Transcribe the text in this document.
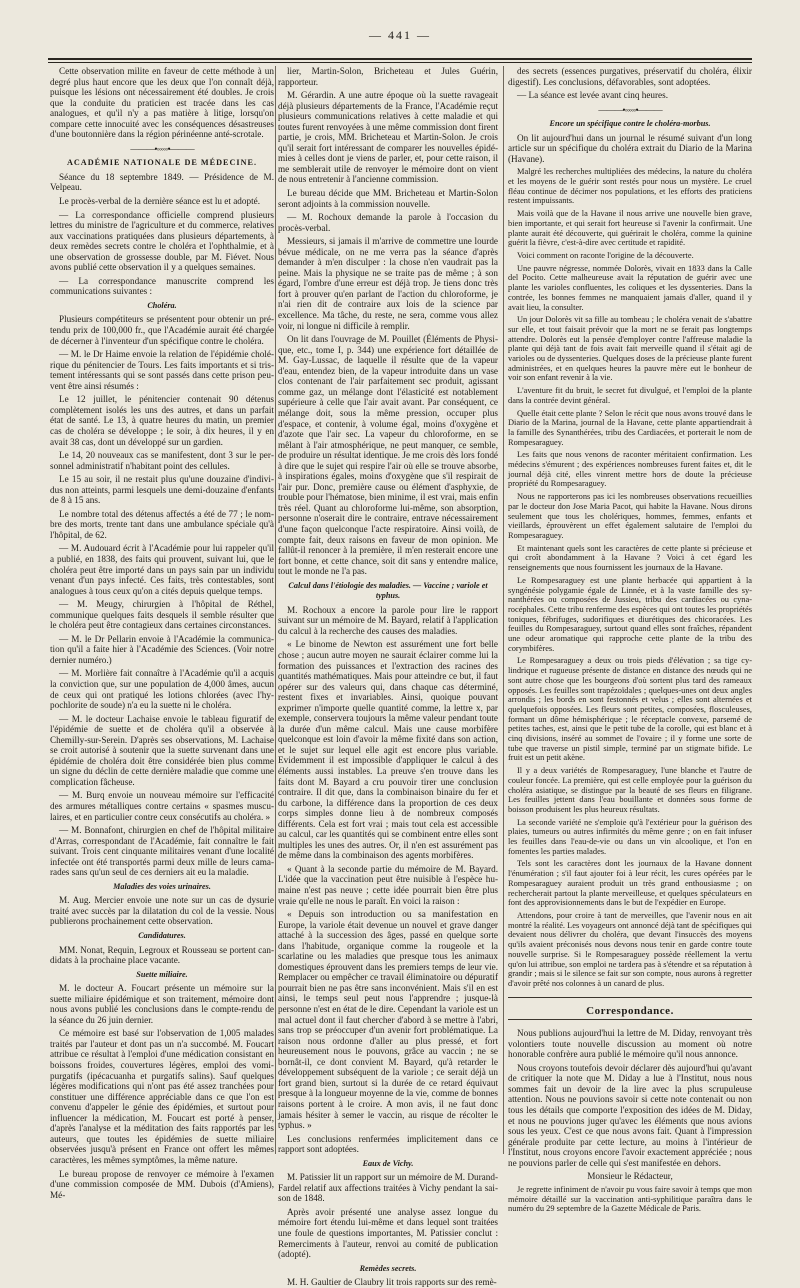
— 441 —

Cette observation milite en faveur de cette méthode à un degré plus haut encore que les deux que l'on connaît déjà, puisque les lésions ont nécessairement été doubles. Je crois que la conduite du praticien est tracée dans les cas analogues, et qu'il n'y a pas matière à litige, lorsqu'on compare cette innocuité avec les conséquences désastreuses d'une boutonnière dans la région périnéenne anté-scrotale.

———•◦◦◦◦◦•———
ACADÉMIE NATIONALE DE MÉDECINE.

Séance du 18 septembre 1849. — Présidence de M. Velpeau.

Le procès-verbal de la dernière séance est lu et adopté.

— La correspondance officielle comprend plusieurs lettres du ministre de l'agriculture et du commerce, relatives aux vaccinations pratiquées dans plusieurs départements, à deux remèdes secrets contre le choléra et l'ophthalmie, et à une observation de grossesse double, par M. Fiévet. Nous avons publié cette observation il y a quelques semaines.

— La correspondance manuscrite comprend les communications suivantes :

Choléra.

Plusieurs compétiteurs se présentent pour obtenir un prétendu prix de 100,000 fr., que l'Académie aurait été chargée de décerner à l'inventeur d'un spécifique contre le choléra.

— M. le Dr Haime envoie la relation de l'épidémie cholérique du pénitencier de Tours. Les faits importants et si tristement intéressants qui se sont passés dans cette prison peuvent être ainsi résumés :

Le 12 juillet, le pénitencier contenait 90 détenus complètement isolés les uns des autres, et dans un parfait état de santé. Le 13, à quatre heures du matin, un premier cas de choléra se développe ; le soir, à dix heures, il y en avait 38 cas, dont un développé sur un gardien.

Le 14, 20 nouveaux cas se manifestent, dont 3 sur le personnel administratif n'habitant point des cellules.

Le 15 au soir, il ne restait plus qu'une douzaine d'individus non atteints, parmi lesquels une demi-douzaine d'enfants de 8 à 15 ans.

Le nombre total des détenus affectés a été de 77 ; le nombre des morts, trente tant dans une ambulance spéciale qu'à l'hôpital, de 62.

— M. Audouard écrit à l'Académie pour lui rappeler qu'il a publié, en 1838, des faits qui prouvent, suivant lui, que le choléra peut être importé dans un pays sain par un individu venant d'un pays infecté. Ces faits, très contestables, sont analogues à tous ceux qu'on a cités depuis quelque temps.

— M. Meugy, chirurgien à l'hôpital de Réthel, communique quelques faits desquels il semble résulter que le choléra peut être contagieux dans certaines circonstances.

— M. le Dr Pellarin envoie à l'Académie la communication qu'il a faite hier à l'Académie des Sciences. (Voir notre dernier numéro.)

— M. Morlière fait connaître à l'Académie qu'il a acquis la conviction que, sur une population de 4,000 âmes, aucun de ceux qui ont pratiqué les lotions chlorées (avec l'hypochlorite de soude) n'a eu la suette ni le choléra.

— M. le docteur Lachaise envoie le tableau figuratif de l'épidémie de suette et de choléra qu'il a observée à Chemilly-sur-Serein. D'après ses observations, M. Lachaise se croit autorisé à soutenir que la suette survenant dans une épidémie de choléra doit être considérée bien plus comme un signe du déclin de cette dernière maladie que comme une complication fâcheuse.

— M. Burq envoie un nouveau mémoire sur l'efficacité des armures métalliques contre certains « spasmes musculaires, et en particulier contre ceux consécutifs au choléra. »

— M. Bonnafont, chirurgien en chef de l'hôpital militaire d'Arras, correspondant de l'Académie, fait connaître le fait suivant. Trois cent cinquante militaires venant d'une localité infectée ont été transportés parmi deux mille de leurs camarades sans qu'un seul de ces derniers ait eu la maladie.

Maladies des voies urinaires.

M. Aug. Mercier envoie une note sur un cas de dysurie traité avec succès par la dilatation du col de la vessie. Nous publierons prochainement cette observation.

Candidatures.

MM. Nonat, Requin, Legroux et Rousseau se portent candidats à la prochaine place vacante.

Suette miliaire.

M. le docteur A. Foucart présente un mémoire sur la suette miliaire épidémique et son traitement, mémoire dont nous avons publié les conclusions dans le compte-rendu de la séance du 26 juin dernier.

Ce mémoire est basé sur l'observation de 1,005 malades traités par l'auteur et dont pas un n'a succombé. M. Foucart attribue ce résultat à l'emploi d'une médication consistant en boissons froides, couvertures légères, emploi des vomi-purgatifs (ipécacuanha et purgatifs salins). Sauf quelques légères modifications qui n'ont pas été assez tranchées pour constituer une différence appréciable dans ce que l'on est convenu d'appeler le génie des épidémies, et surtout pour influencer la médication, M. Foucart est porté à penser, d'après l'analyse et la méditation des faits rapportés par les auteurs, que toutes les épidémies de suette miliaire observées jusqu'à présent en France ont offert les mêmes caractères, les mêmes symptômes, la même nature.

Le bureau propose de renvoyer ce mémoire à l'examen d'une commission composée de MM. Dubois (d'Amiens), Mé-

lier, Martin-Solon, Bricheteau et Jules Guérin, rapporteur.

M. Gérardin. A une autre époque où la suette ravageait déjà plusieurs départements de la France, l'Académie reçut plusieurs communications relatives à cette maladie et qui toutes furent renvoyées à une même commission dont firent partie, je crois, MM. Bricheteau et Martin-Solon. Je crois qu'il serait fort intéressant de comparer les nouvelles épidémies à celles dont je viens de parler, et, pour cette raison, il me semblerait utile de renvoyer le mémoire dont on vient de nous entretenir à l'ancienne commission.

Le bureau décide que MM. Bricheteau et Martin-Solon seront adjoints à la commission nouvelle.

— M. Rochoux demande la parole à l'occasion du procès-verbal.

Messieurs, si jamais il m'arrive de commettre une lourde bévue médicale, on ne me verra pas la séance d'après demander à m'en disculper : la chose n'en vaudrait pas la peine. Mais la physique ne se traite pas de même ; à son égard, l'ombre d'une erreur est déjà trop. Je tiens donc très fort à prouver qu'en parlant de l'action du chloroforme, je n'ai rien dit de contraire aux lois de la science par excellence. Ma tâche, du reste, ne sera, comme vous allez voir, ni longue ni difficile à remplir.

On lit dans l'ouvrage de M. Pouillet (Éléments de Physique, etc., tome I, p. 344) une expérience fort détaillée de M. Gay-Lussac, de laquelle il résulte que de la vapeur d'eau, entendez bien, de la vapeur introduite dans un vase clos contenant de l'air parfaitement sec produit, agissant comme gaz, un mélange dont l'élasticité est notablement supérieure à celle que l'air avait avant. Par conséquent, ce mélange doit, sous la même pression, occuper plus d'espace, et contenir, à volume égal, moins d'oxygène et d'azote que l'air sec. La vapeur du chloroforme, en se mêlant à l'air atmosphérique, ne peut manquer, ce semble, de produire un résultat identique. Je me crois dès lors fondé à dire que le sujet qui respire l'air où elle se trouve absorbe, à inspirations égales, moins d'oxygène que s'il respirait de l'air pur. Donc, première cause ou élément d'asphyxie, de trouble pour l'hématose, bien minime, il est vrai, mais enfin très réel. Quant au chloroforme lui-même, son absorption, personne n'oserait dire le contraire, entrave nécessairement d'une façon quelconque l'acte respiratoire. Ainsi voilà, de compte fait, deux raisons en faveur de mon opinion. Me fallût-il renoncer à la première, il m'en resterait encore une fort bonne, et cette chance, soit dit sans y entendre malice, tout le monde ne l'a pas.

Calcul dans l'étiologie des maladies. — Vaccine ; variole et typhus.

M. Rochoux a encore la parole pour lire le rapport suivant sur un mémoire de M. Bayard, relatif à l'application du calcul à la recherche des causes des maladies.

« Le binome de Newton est assurément une fort belle chose ; aucun autre moyen ne saurait éclairer comme lui la formation des puissances et l'extraction des racines des quantités mathématiques. Mais pour atteindre ce but, il faut opérer sur des valeurs qui, dans chaque cas déterminé, restent fixes et invariables. Ainsi, quoique pouvant exprimer n'importe quelle quantité comme, la lettre x, par exemple, conservera toujours la même valeur pendant toute la durée d'un même calcul. Mais une cause morbifère quelconque est loin d'avoir la même fixité dans son action, et le sujet sur lequel elle agit est encore plus variable. Evidemment il est impossible d'appliquer le calcul à des éléments aussi instables. La preuve s'en trouve dans les faits dont M. Bayard a cru pouvoir tirer une conclusion contraire. Il dit que, dans la combinaison binaire du fer et du carbone, la différence dans la proportion de ces deux corps simples donne lieu à de nombreux composés différents. Cela est fort vrai ; mais tout cela est accessible au calcul, car les quantités qui se combinent entre elles sont multiples les unes des autres. Or, il n'en est assurément pas de même dans la combinaison des agents morbifères.

« Quant à la seconde partie du mémoire de M. Bayard. L'idée que la vaccination peut être nuisible à l'espèce humaine n'est pas neuve ; cette idée pourrait bien être plus vraie qu'elle ne nous le paraît. En voici la raison :

« Depuis son introduction ou sa manifestation en Europe, la variole était devenue un nouvel et grave danger attaché à la succession des âges, passé en quelque sorte dans l'habitude, organique comme la rougeole et la scarlatine ou les maladies que presque tous les animaux domestiques éprouvent dans les premiers temps de leur vie. Remplacer ou empêcher ce travail éliminatoire ou dépuratif pourrait bien ne pas être sans inconvénient. Mais s'il en est ainsi, le temps seul peut nous l'apprendre ; jusque-là personne n'est en état de le dire. Cependant la variole est un mal actuel dont il faut chercher d'abord à se mettre à l'abri, sans trop se préoccuper d'un avenir fort problématique. La raison nous ordonne d'aller au plus pressé, et fort heureusement nous le pouvons, grâce au vaccin ; ne se bornât-il, ce dont convient M. Bayard, qu'à retarder le développement subséquent de la variole ; ce serait déjà un fort grand bien, surtout si la durée de ce retard équivaut presque à la longueur moyenne de la vie, comme de bonnes raisons portent à le croire. A mon avis, il ne faut donc jamais hésiter à semer le vaccin, au risque de récolter le typhus. »

Les conclusions renfermées implicitement dans ce rapport sont adoptées.

Eaux de Vichy.

M. Patissier lit un rapport sur un mémoire de M. Durand-Fardel relatif aux affections traitées à Vichy pendant la saison de 1848.

Après avoir présenté une analyse assez longue du mémoire fort étendu lui-même et dans lequel sont traitées une foule de questions importantes, M. Patissier conclut : Remerciments à l'auteur, renvoi au comité de publication (adopté).

Remèdes secrets.

M. H. Gaultier de Claubry lit trois rapports sur des remè-

des secrets (essences purgatives, préservatif du choléra, élixir digestif). Les conclusions, défavorables, sont adoptées.

— La séance est levée avant cinq heures.

———•◦◦◦◦◦•———
Encore un spécifique contre le choléra-morbus.

On lit aujourd'hui dans un journal le résumé suivant d'un long article sur un spécifique du choléra extrait du Diario de la Marina (Havane).

Malgré les recherches multipliées des médecins, la nature du choléra et les moyens de le guérir sont restés pour nous un mystère. Le cruel fléau continue de décimer nos populations, et les efforts des praticiens restent impuissants.

Mais voilà que de la Havane il nous arrive une nouvelle bien grave, bien importante, et qui serait fort heureuse si l'avenir la confirmait. Une plante aurait été découverte, qui guérirait le choléra, comme la quinine guérit la fièvre, c'est-à-dire avec certitude et rapidité.

Voici comment on raconte l'origine de la découverte.

Une pauvre négresse, nommée Dolorès, vivait en 1833 dans la Calle del Pocito. Cette malheureuse avait la réputation de guérir avec une plante les varioles confluentes, les coliques et les dyssenteries. Dans la contrée, les bonnes femmes ne manquaient jamais d'aller, quand il y avait lieu, la consulter.

Un jour Dolorès vit sa fille au tombeau ; le choléra venait de s'abattre sur elle, et tout faisait prévoir que la mort ne se ferait pas longtemps attendre. Dolorès eut la pensée d'employer contre l'affreuse maladie la plante qui déjà tant de fois avait fait merveille quand il s'était agi de varioles ou de dyssenteries. Quelques doses de la précieuse plante furent administrées, et en quelques heures la pauvre mère eut le bonheur de voir son enfant revenir à la vie.

L'aventure fit du bruit, le secret fut divulgué, et l'emploi de la plante dans la contrée devint général.

Quelle était cette plante ? Selon le récit que nous avons trouvé dans le Diario de la Marina, journal de la Havane, cette plante appartiendrait à la famille des Synanthérées, tribu des Cardiacées, et porterait le nom de Rompesaraguey.

Les faits que nous venons de raconter méritaient confirmation. Les médecins s'émurent ; des expériences nombreuses furent faites et, dit le journal déjà cité, elles vinrent mettre hors de doute la précieuse propriété du Rompesaraguey.

Nous ne rapporterons pas ici les nombreuses observations recueillies par le docteur don Jose Maria Pacot, qui habite la Havane. Nous dirons seulement que tous les cholériques, hommes, femmes, enfants et vieillards, éprouvèrent un effet également salutaire de l'emploi du Rompesaraguey.

Et maintenant quels sont les caractères de cette plante si précieuse et qui croît abondamment à la Havane ? Voici à cet égard les renseignements que nous fournissent les journaux de la Havane.

Le Rompesaraguey est une plante herbacée qui appartient à la syngénésie polygamie égale de Linnée, et à la vaste famille des synanthérées ou composées de Jussieu, tribu des cardiacées ou cynarocéphales. Cette tribu renferme des espèces qui ont toutes les propriétés toniques, fébrifuges, sudorifiques et diurétiques des chicoracées. Les feuilles du Rompesaraguey, surtout quand elles sont fraîches, répandent une odeur aromatique qui rapproche cette plante de la tribu des corymbifères.

Le Rompesaraguey a deux ou trois pieds d'élévation ; sa tige cylindrique et rugueuse présente de distance en distance des nœuds qui ne sont autre chose que les bourgeons d'où sortent plus tard des rameaux opposés. Les feuilles sont trapézoïdales ; quelques-unes ont deux angles arrondis ; les bords en sont festonnés et velus ; elles sont alternées et quelquefois opposées. Les fleurs sont petites, composées, flosculeuses, formant un dôme hémisphérique ; le réceptacle convexe, parsemé de petites taches, est, ainsi que le petit tube de la corolle, qui est blanc et à cinq divisions, inséré au sommet de l'ovaire ; il y forme une sorte de tube que traverse un pistil simple, terminé par un stigmate bifide. Le fruit est un petit akène.

Il y a deux variétés de Rompesaraguey, l'une blanche et l'autre de couleur foncée. La première, qui est celle employée pour la guérison du choléra asiatique, se distingue par la beauté de ses fleurs en filigrane. Les feuilles jettent dans l'eau bouillante et données sous forme de boisson produisent les plus heureux résultats.

La seconde variété ne s'emploie qu'à l'extérieur pour la guérison des plaies, tumeurs ou autres infirmités du même genre ; on en fait infuser les feuilles dans l'eau-de-vie ou dans un vin alcoolique, et l'on en fomentes les parties malades.

Tels sont les caractères dont les journaux de la Havane donnent l'énumération ; s'il faut ajouter foi à leur récit, les cures opérées par le Rompesaraguey auraient produit un très grand enthousiasme ; on rechercherait partout la plante merveilleuse, et quelques spéculateurs en font des approvisionnements dans le but de l'expédier en Europe.

Attendons, pour croire à tant de merveilles, que l'avenir nous en ait montré la réalité. Les voyageurs ont annoncé déjà tant de spécifiques qui devaient nous délivrer du choléra, que devant l'insuccès des moyens qu'ils avaient préconisés nous devons nous tenir en garde contre toute nouvelle surprise. Si le Rompesaraguey possède réellement la vertu qu'on lui attribue, son emploi ne tardera pas à s'étendre et sa réputation à grandir ; mais si le silence se fait sur son compte, nous aurons à regretter d'avoir prêté nos colonnes à un canard de plus.

Correspondance.

Nous publions aujourd'hui la lettre de M. Diday, renvoyant très volontiers toute nouvelle discussion au moment où notre honorable confrère aura publié le mémoire qu'il nous annonce.

Nous croyons toutefois devoir déclarer dès aujourd'hui qu'avant de critiquer la note que M. Diday a lue à l'Institut, nous nous sommes fait un devoir de la lire avec la plus scrupuleuse attention. Nous ne pouvions savoir si cette note contenait ou non tous les détails que comporte l'exposition des idées de M. Diday, et nous ne pouvions juger qu'avec les éléments que nous avions sous les yeux. C'est ce que nous avons fait. Quant à l'impression générale produite par cette lecture, au moins à l'intérieur de l'Institut, nous croyons encore l'avoir exactement appréciée ; nous ne pouvions parler de celle qui s'est manifestée en dehors.

Monsieur le Rédacteur,

Je regrette infiniment de n'avoir pu vous faire savoir à temps que mon mémoire détaillé sur la vaccination anti-syphilitique paraîtra dans le numéro du 29 septembre de la Gazette Médicale de Paris.
